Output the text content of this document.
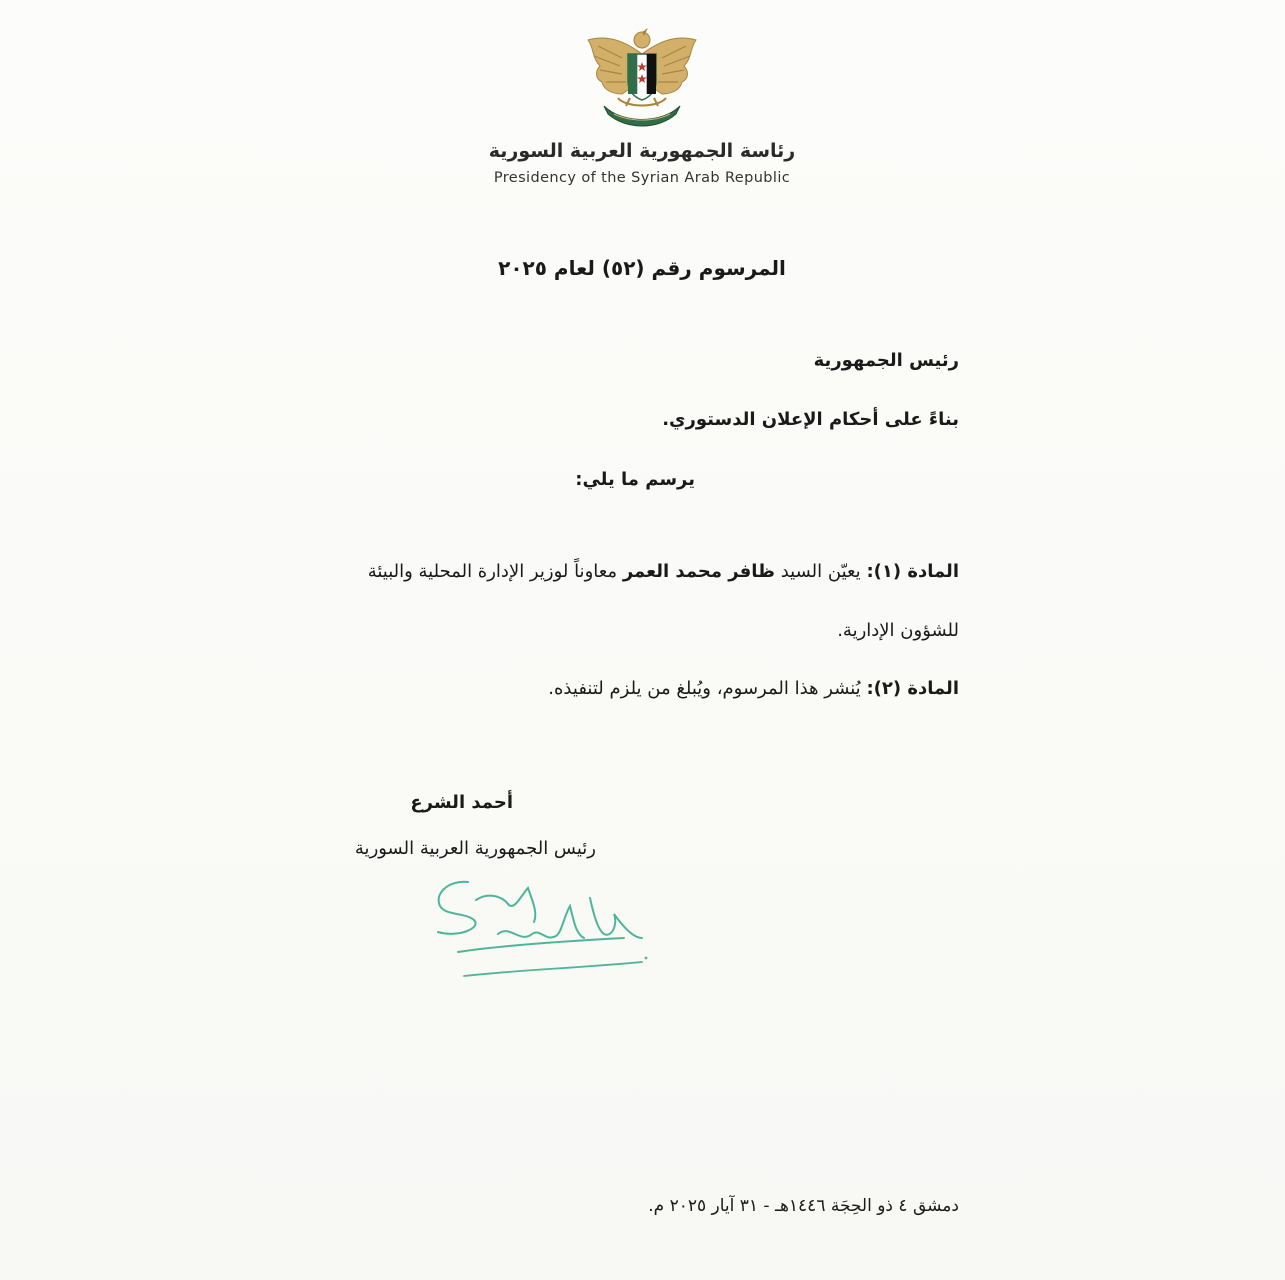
رئاسة الجمهورية العربية السورية
Presidency of the Syrian Arab Republic
المرسوم رقم (٥٢) لعام ٢٠٢٥
رئيس الجمهورية
بناءً على أحكام الإعلان الدستوري.
يرسم ما يلي:
المادة (١): يعيّن السيد ظافر محمد العمر معاوناً لوزير الإدارة المحلية والبيئة
للشؤون الإدارية.
المادة (٢): يُنشر هذا المرسوم، ويُبلغ من يلزم لتنفيذه.
أحمد الشرع
رئيس الجمهورية العربية السورية
دمشق ٤ ذو الحِجَة ١٤٤٦هـ - ٣١ آيار ٢٠٢٥ م.
